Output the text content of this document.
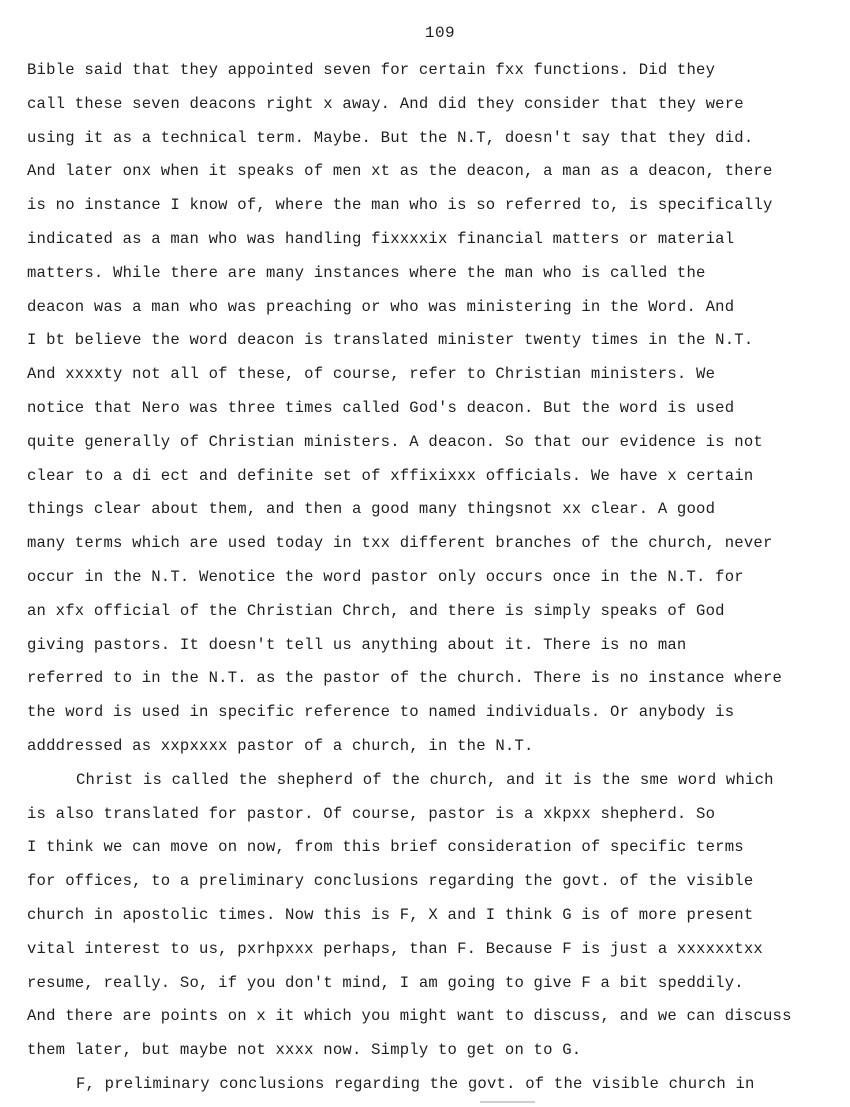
109
Bible said that they appointed seven for certain fxx functions. Did they
call these seven deacons right x away. And did they consider that they were
using it as a technical term. Maybe. But the N.T, doesn't say that they did.
And later onx when it speaks of men xt as the deacon, a man as a deacon, there
is no instance I know of, where the man who is so referred to, is specifically
indicated as a man who was handling fixxxxix financial matters or material
matters. While there are many instances where the man who is called the
deacon was a man who was preaching or who was ministering in the Word. And
I bt believe the word deacon is translated minister twenty times in the N.T.
And xxxxty not all of these, of course, refer to Christian ministers. We
notice that Nero was three times called God's deacon. But the word is used
quite generally of Christian ministers. A deacon. So that our evidence is not
clear to a di ect and definite set of xffixixxx officials. We have x certain
things clear about them, and then a good many thingsnot xx clear. A good
many terms which are used today in txx different branches of the church, never
occur in the N.T. Wenotice the word pastor only occurs once in the N.T. for
an xfx official of the Christian Chrch, and there is simply speaks of God
giving pastors. It doesn't tell us anything about it. There is no man
referred to in the N.T. as the pastor of the church. There is no instance where
the word is used in specific reference to named individuals. Or anybody is
adddressed as xxpxxxx pastor of a church, in the N.T.
Christ is called the shepherd of the church, and it is the sme word which
is also translated for pastor. Of course, pastor is a xkpxx shepherd. So
I think we can move on now, from this brief consideration of specific terms
for offices, to a preliminary conclusions regarding the govt. of the visible
church in apostolic times. Now this is F, X and I think G is of more present
vital interest to us, pxrhpxxx perhaps, than F. Because F is just a xxxxxxtxx
resume, really. So, if you don't mind, I am going to give F a bit speddily.
And there are points on x it which you might want to discuss, and we can discuss
them later, but maybe not xxxx now. Simply to get on to G.
F, preliminary conclusions regarding the govt. of the visible church in
